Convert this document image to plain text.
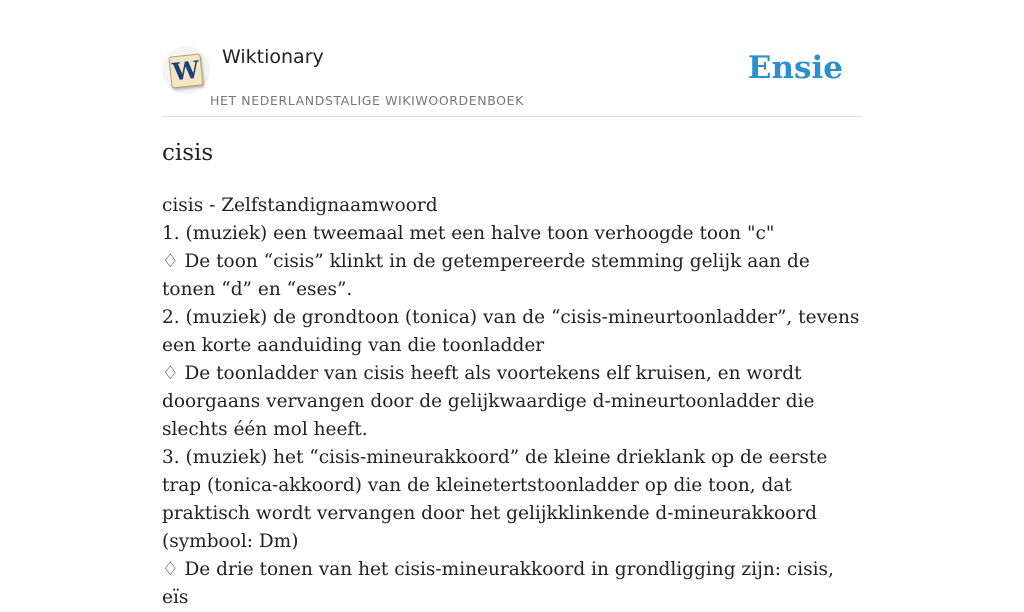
W Wiktionary
HET NEDERLANDSTALIGE WIKIWOORDENBOEK
Ensie
cisis

cisis - Zelfstandignaamwoord

1. (muziek) een tweemaal met een halve toon verhoogde toon "c"

♢ De toon “cisis” klinkt in de getempereerde stemming gelijk aan de tonen “d” en “eses”.

2. (muziek) de grondtoon (tonica) van de “cisis-mineurtoonladder”, tevens een korte aanduiding van die toonladder

♢ De toonladder van cisis heeft als voortekens elf kruisen, en wordt doorgaans vervangen door de gelijkwaardige d-mineurtoonladder die slechts één mol heeft.

3. (muziek) het “cisis-mineurakkoord” de kleine drieklank op de eerste trap (tonica-akkoord) van de kleinetertstoonladder op die toon, dat praktisch wordt vervangen door het gelijkklinkende d-mineurakkoord (symbool: Dm)

♢ De drie tonen van het cisis-mineurakkoord in grondligging zijn: cisis, eïs
